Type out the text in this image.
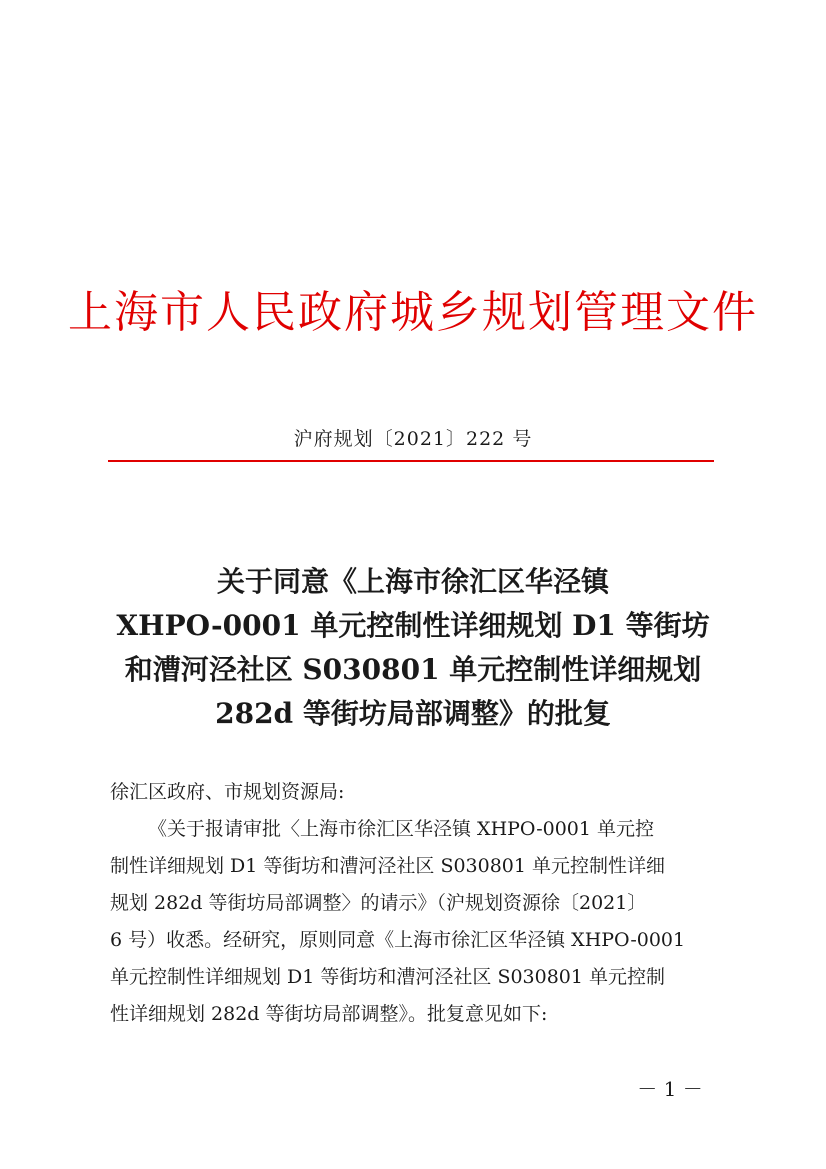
上海市人民政府城乡规划管理文件
沪府规划〔2021〕222 号
关于同意《上海市徐汇区华泾镇
XHPO-0001 单元控制性详细规划 D1 等街坊
和漕河泾社区 S030801 单元控制性详细规划
282d 等街坊局部调整》的批复

徐汇区政府、市规划资源局:

《关于报请审批〈上海市徐汇区华泾镇 XHPO-0001 单元控
制性详细规划 D1 等街坊和漕河泾社区 S030801 单元控制性详细
规划 282d 等街坊局部调整〉的请示》（沪规划资源徐〔2021〕
6 号）收悉。经研究，原则同意《上海市徐汇区华泾镇 XHPO-0001
单元控制性详细规划 D1 等街坊和漕河泾社区 S030801 单元控制
性详细规划 282d 等街坊局部调整》。批复意见如下:

－ 1 －
